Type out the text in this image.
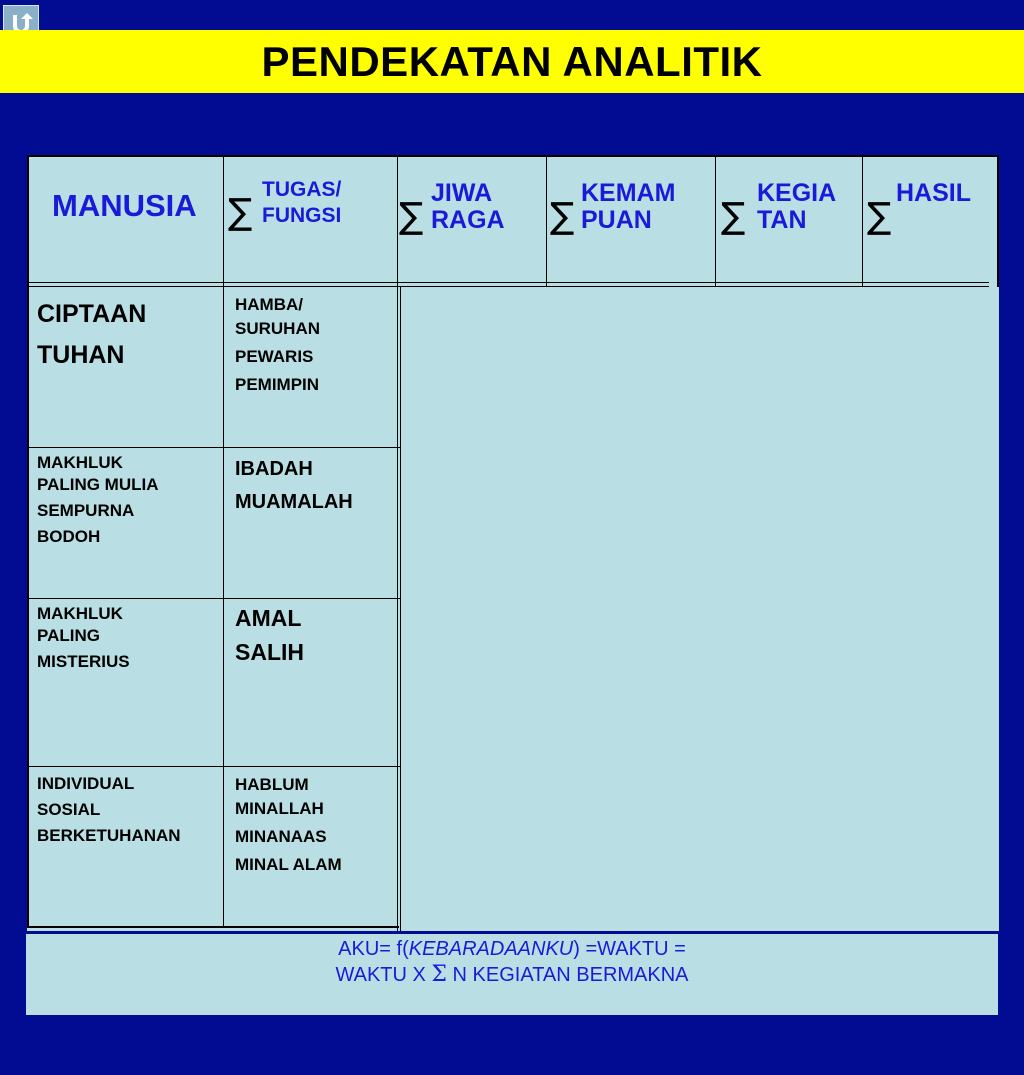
PENDEKATAN ANALITIK
MANUSIA ∑
TUGAS/
FUNGSI ∑
JIWA
RAGA ∑
KEMAM
PUAN	∑
KEGIA
TAN	∑
HASIL
CIPTAAN
TUHAN
HAMBA/
SURUHAN
PEWARIS
PEMIMPIN
MAKHLUK
PALING MULIA
SEMPURNA
BODOH
IBADAH
MUAMALAH
MAKHLUK
PALING
MISTERIUS
AMAL
SALIH
INDIVIDUAL
SOSIAL
BERKETUHANAN
HABLUM
MINALLAH
MINANAAS
MINAL ALAM
AKU= f(KEBARADAANKU) =WAKTU =
WAKTU X Σ N KEGIATAN BERMAKNA
